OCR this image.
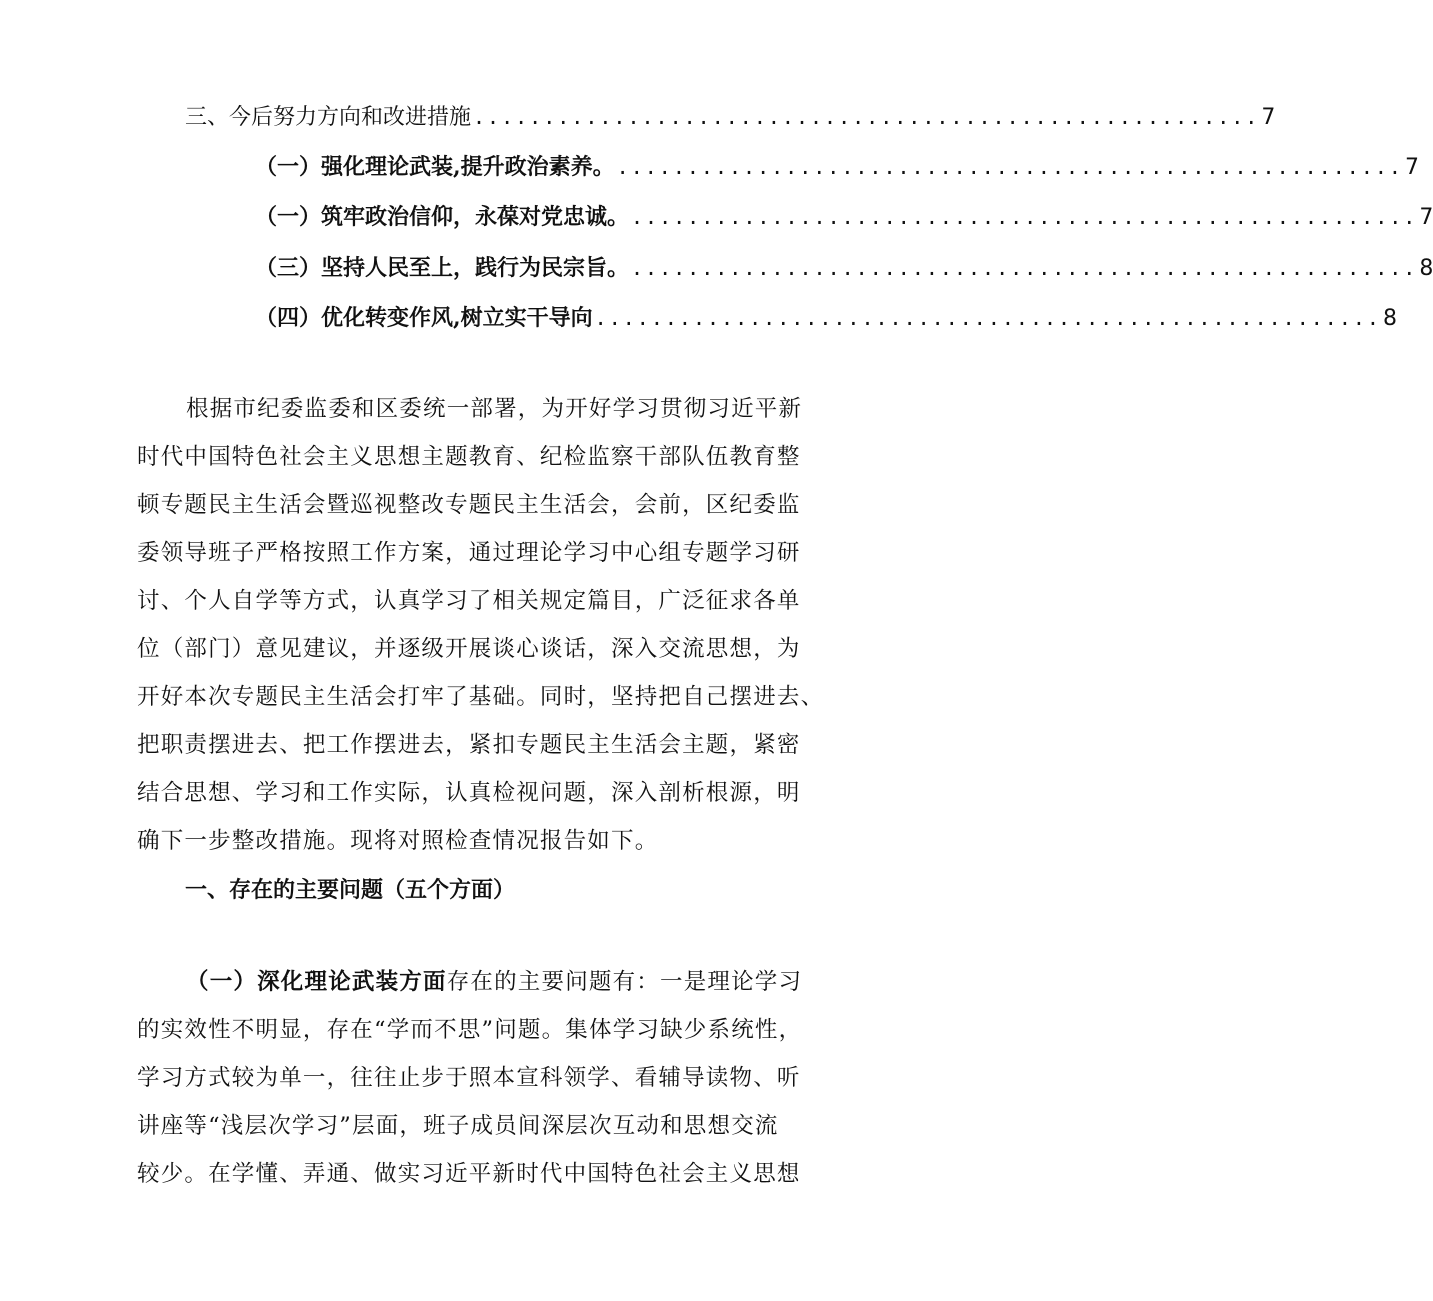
三、今后努力方向和改进措施 ........................................................ 7
（一）强化理论武装,提升政治素养。 ........................................................ 7
（一）筑牢政治信仰，永葆对党忠诚。 ........................................................ 7
（三）坚持人民至上，践行为民宗旨。 ........................................................ 8
（四）优化转变作风,树立实干导向 ........................................................ 8
根据市纪委监委和区委统一部署，为开好学习贯彻习近平新
时代中国特色社会主义思想主题教育、纪检监察干部队伍教育整
顿专题民主生活会暨巡视整改专题民主生活会，会前，区纪委监
委领导班子严格按照工作方案，通过理论学习中心组专题学习研
讨、个人自学等方式，认真学习了相关规定篇目，广泛征求各单
位（部门）意见建议，并逐级开展谈心谈话，深入交流思想，为
开好本次专题民主生活会打牢了基础。同时，坚持把自己摆进去、
把职责摆进去、把工作摆进去，紧扣专题民主生活会主题，紧密
结合思想、学习和工作实际，认真检视问题，深入剖析根源，明
确下一步整改措施。现将对照检查情况报告如下。
一、存在的主要问题（五个方面）
（一）深化理论武装方面存在的主要问题有：一是理论学习
的实效性不明显，存在“学而不思”问题。集体学习缺少系统性，
学习方式较为单一，往往止步于照本宣科领学、看辅导读物、听
讲座等“浅层次学习”层面，班子成员间深层次互动和思想交流
较少。在学懂、弄通、做实习近平新时代中国特色社会主义思想
